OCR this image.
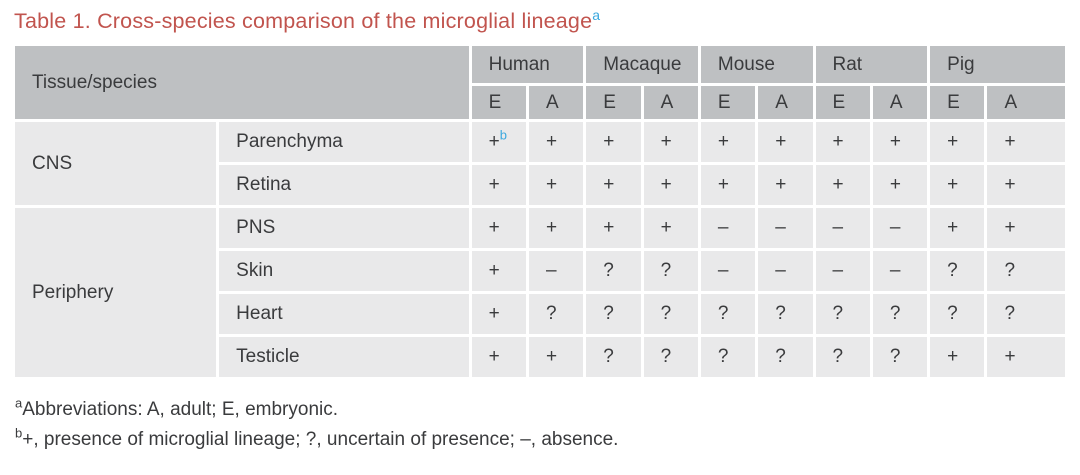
Table 1. Cross-species comparison of the microglial lineage$^a$
Tissue/species		Human		Macaque		Mouse		Rat		Pig	
		E	A	E	A	E	A	E	A	E	A
CNS	Parenchyma	+$^b$	+	+	+	+	+	+	+	+	+
	Retina	+	+	+	+	+	+	+	+	+	+
Periphery	PNS	+	+	+	+	–	–	–	–	+	+
	Skin	+	–	?	?	–	–	–	–	?	?
	Heart	+	?	?	?	?	?	?	?	?	?
	Testicle	+	+	?	?	?	?	?	?	+	+
$^a$Abbreviations: A, adult; E, embryonic.
$^b$+, presence of microglial lineage; ?, uncertain of presence; –, absence.
